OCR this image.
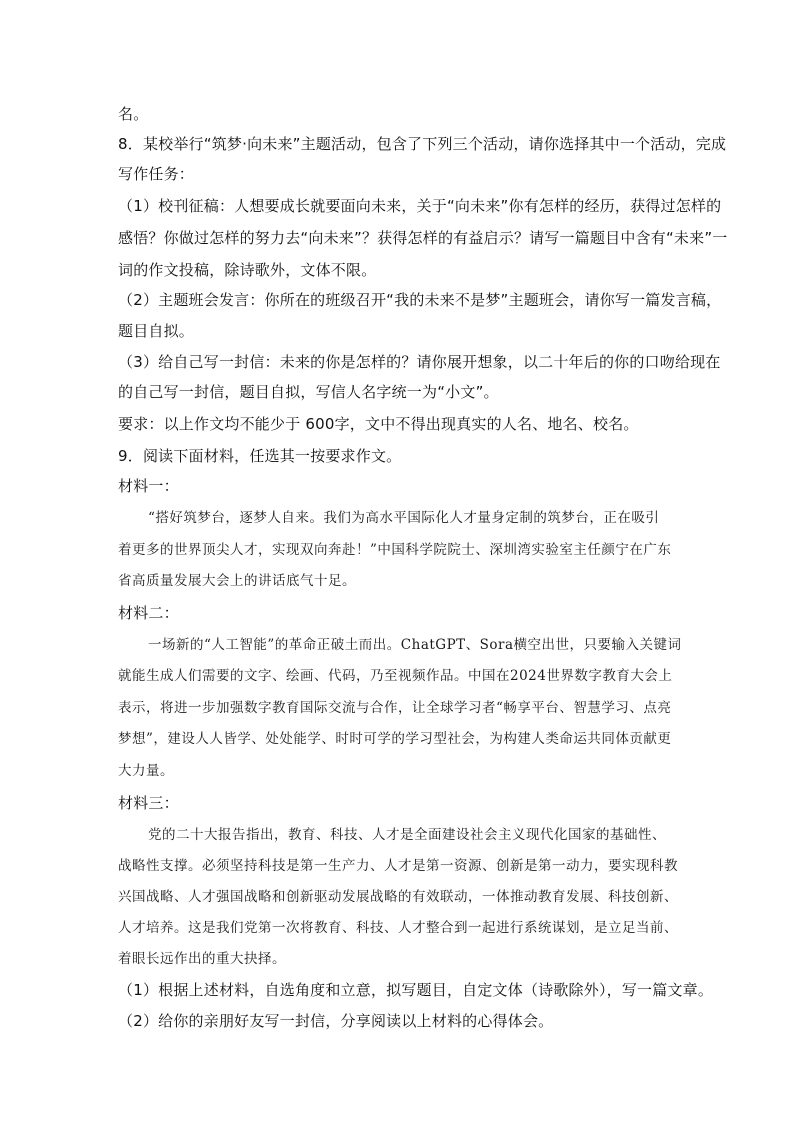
名。
8．某校举行“筑梦·向未来”主题活动，包含了下列三个活动，请你选择其中一个活动，完成
写作任务：
（1）校刊征稿：人想要成长就要面向未来，关于“向未来”你有怎样的经历，获得过怎样的
感悟？你做过怎样的努力去“向未来”？获得怎样的有益启示？请写一篇题目中含有“未来”一
词的作文投稿，除诗歌外，文体不限。
（2）主题班会发言：你所在的班级召开“我的未来不是梦”主题班会，请你写一篇发言稿，
题目自拟。
（3）给自己写一封信：未来的你是怎样的？请你展开想象，以二十年后的你的口吻给现在
的自己写一封信，题目自拟，写信人名字统一为“小文”。
要求：以上作文均不能少于 600字，文中不得出现真实的人名、地名、校名。
9．阅读下面材料，任选其一按要求作文。
材料一：
“搭好筑梦台，逐梦人自来。我们为高水平国际化人才量身定制的筑梦台，正在吸引
着更多的世界顶尖人才，实现双向奔赴！”中国科学院院士、深圳湾实验室主任颜宁在广东
省高质量发展大会上的讲话底气十足。
一场新的“人工智能”的革命正破土而出。ChatGPT、Sora横空出世，只要输入关键词
就能生成人们需要的文字、绘画、代码，乃至视频作品。中国在2024世界数字教育大会上
表示，将进一步加强数字教育国际交流与合作，让全球学习者“畅享平台、智慧学习、点亮
梦想”，建设人人皆学、处处能学、时时可学的学习型社会，为构建人类命运共同体贡献更
大力量。
党的二十大报告指出，教育、科技、人才是全面建设社会主义现代化国家的基础性、
战略性支撑。必须坚持科技是第一生产力、人才是第一资源、创新是第一动力，要实现科教
兴国战略、人才强国战略和创新驱动发展战略的有效联动，一体推动教育发展、科技创新、
人才培养。这是我们党第一次将教育、科技、人才整合到一起进行系统谋划，是立足当前、
着眼长远作出的重大抉择。
材料二：
材料三：
（1）根据上述材料，自选角度和立意，拟写题目，自定文体（诗歌除外），写一篇文章。
（2）给你的亲朋好友写一封信，分享阅读以上材料的心得体会。
